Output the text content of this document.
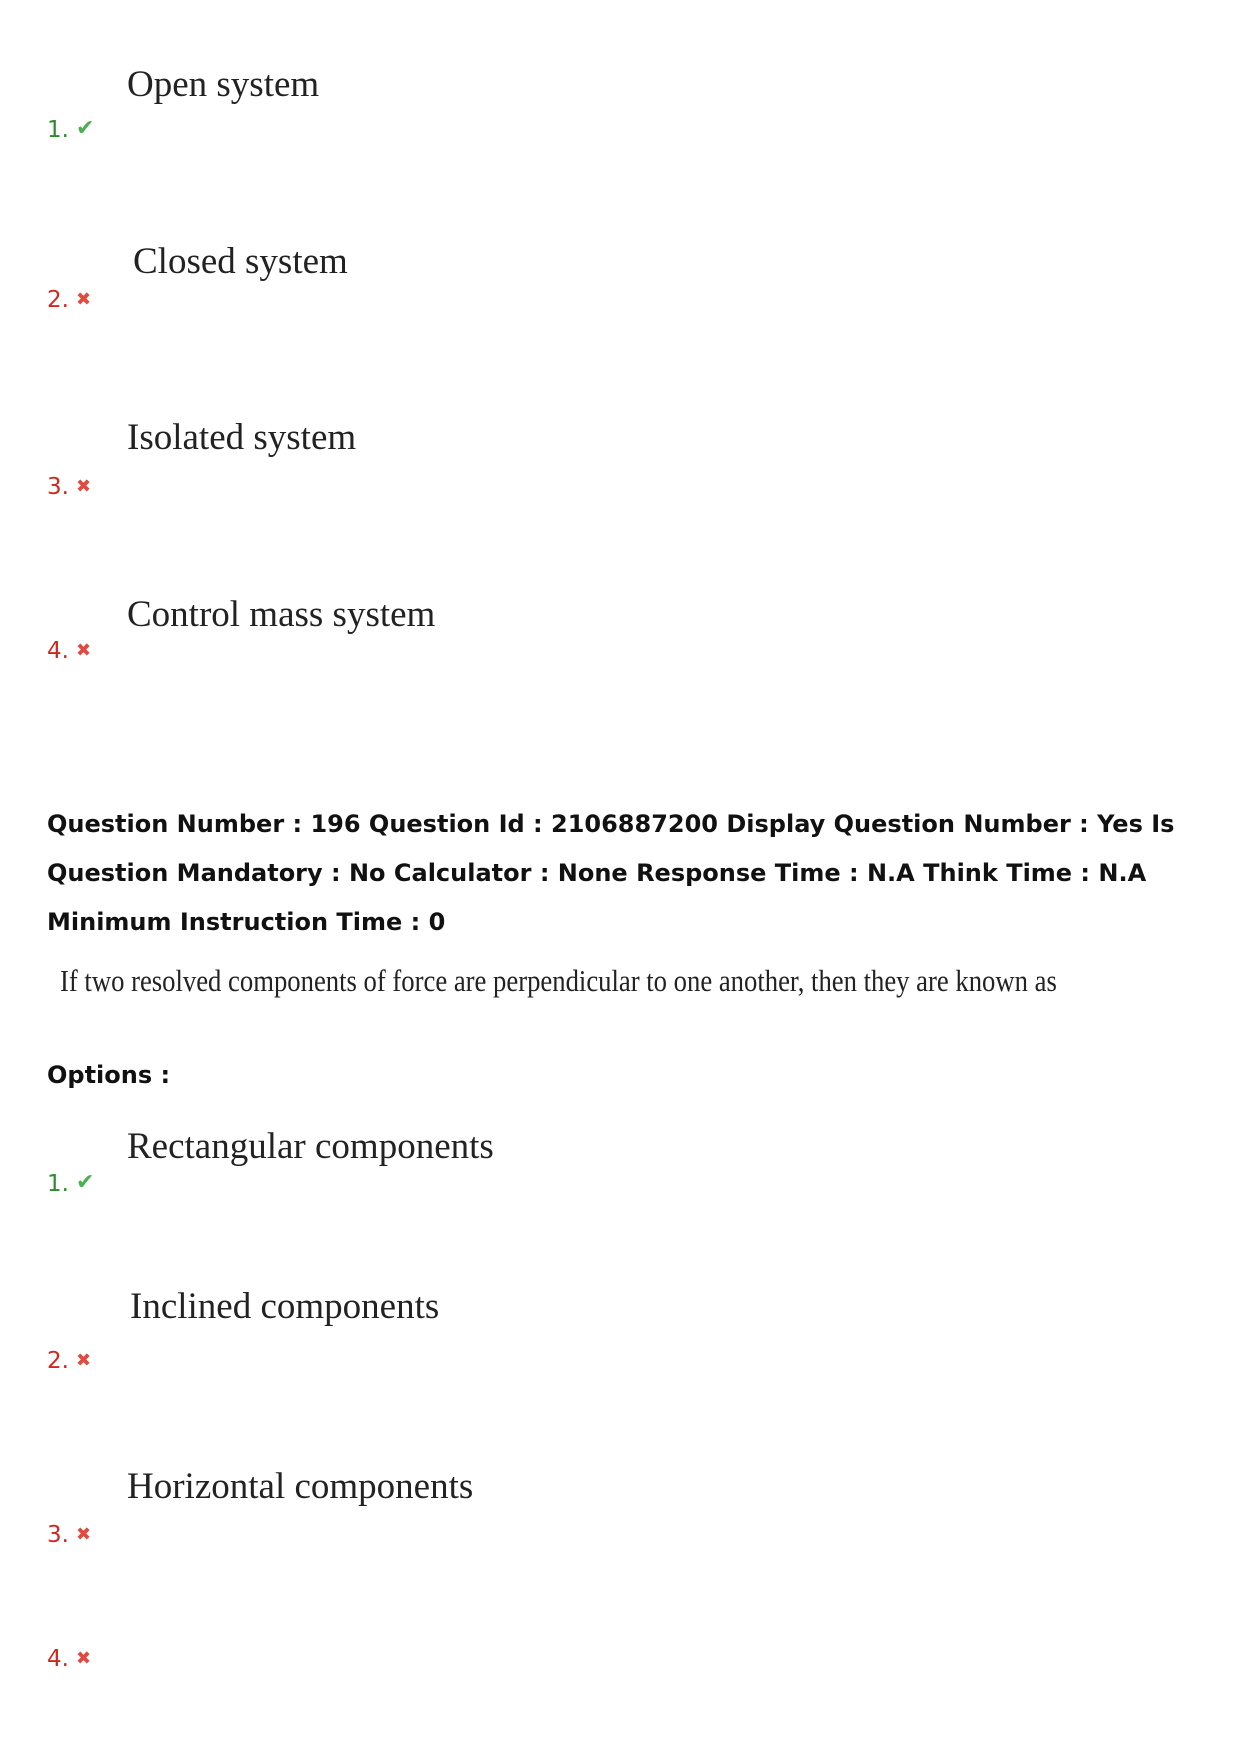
Open system
1. ✔
Closed system
2. ✖
Isolated system
3. ✖
Control mass system
4. ✖
Question Number : 196 Question Id : 2106887200 Display Question Number : Yes Is Question Mandatory : No Calculator : None Response Time : N.A Think Time : N.A Minimum Instruction Time : 0
If two resolved components of force are perpendicular to one another, then they are known as
Options :
Rectangular components
1. ✔
Inclined components
2. ✖
Horizontal components
3. ✖
4. ✖
